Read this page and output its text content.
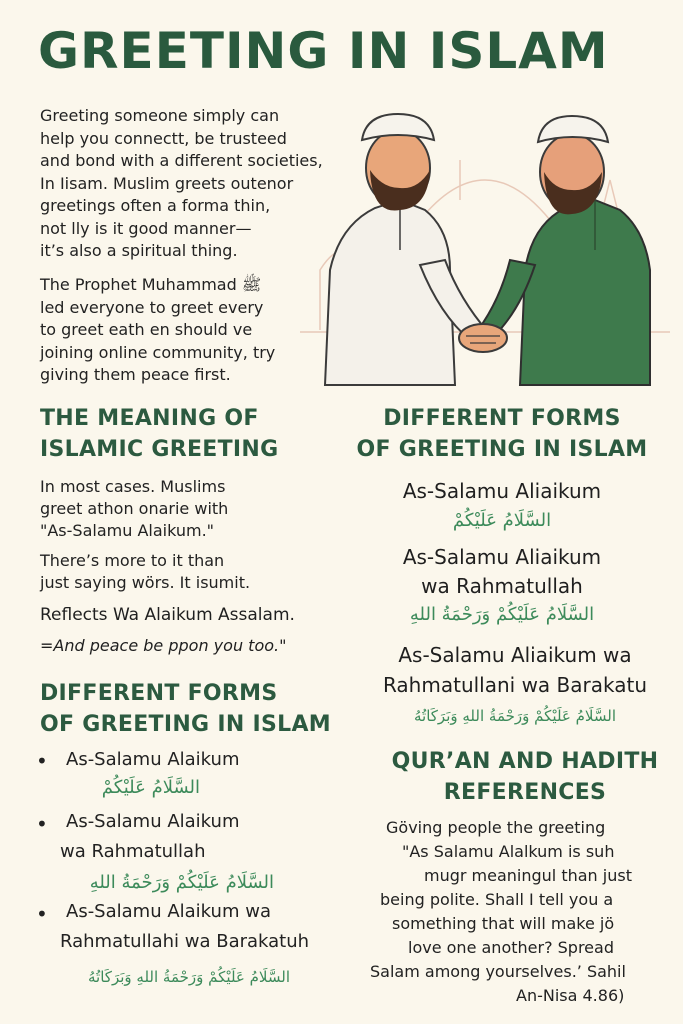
GREETING IN ISLAM
Greeting someone simply can
help you connectt, be trusteed
and bond with a different societies,
In Iisam. Muslim greets outenor
greetings often a forma thin,
not lly is it good manner—
it’s also a spiritual thing.
The Prophet Muhammad ﷺ
led everyone to greet every
to greet eath en should ve
joining online community, try
giving them peace first.
THE MEANING OF
ISLAMIC GREETING
In most cases. Muslims
greet athon onarie with
"As-Salamu Alaikum."
There’s more to it than
just saying wörs. It isumit.
Reflects Wa Alaikum Assalam.
=And peace be ppon you too."
DIFFERENT FORMS
OF GREETING IN ISLAM
As-Salamu Aliaikum
السَّلَامُ عَلَيْكُمْ
As-Salamu Aliaikum
wa Rahmatullah
السَّلَامُ عَلَيْكُمْ وَرَحْمَةُ اللهِ
As-Salamu Aliaikum wa
Rahmatullani wa Barakatu
السَّلَامُ عَلَيْكُمْ وَرَحْمَةُ اللهِ وَبَرَكَاتُهُ
DIFFERENT FORMS
OF GREETING IN ISLAM
• As-Salamu Alaikum
السَّلَامُ عَلَيْكُمْ
• As-Salamu Alaikum
wa Rahmatullah
السَّلَامُ عَلَيْكُمْ وَرَحْمَةُ اللهِ
• As-Salamu Alaikum wa
Rahmatullahi wa Barakatuh
السَّلَامُ عَلَيْكُمْ وَرَحْمَةُ اللهِ وَبَرَكَاتُهُ
QUR’AN AND HADITH
REFERENCES
Göving people the greeting
"As Salamu Alalkum is suh
mugr meaningul than just
being polite. Shall I tell you a
something that will make jö
love one another? Spread
Salam among yourselves.’ Sahil
An-Nisa 4.86)
